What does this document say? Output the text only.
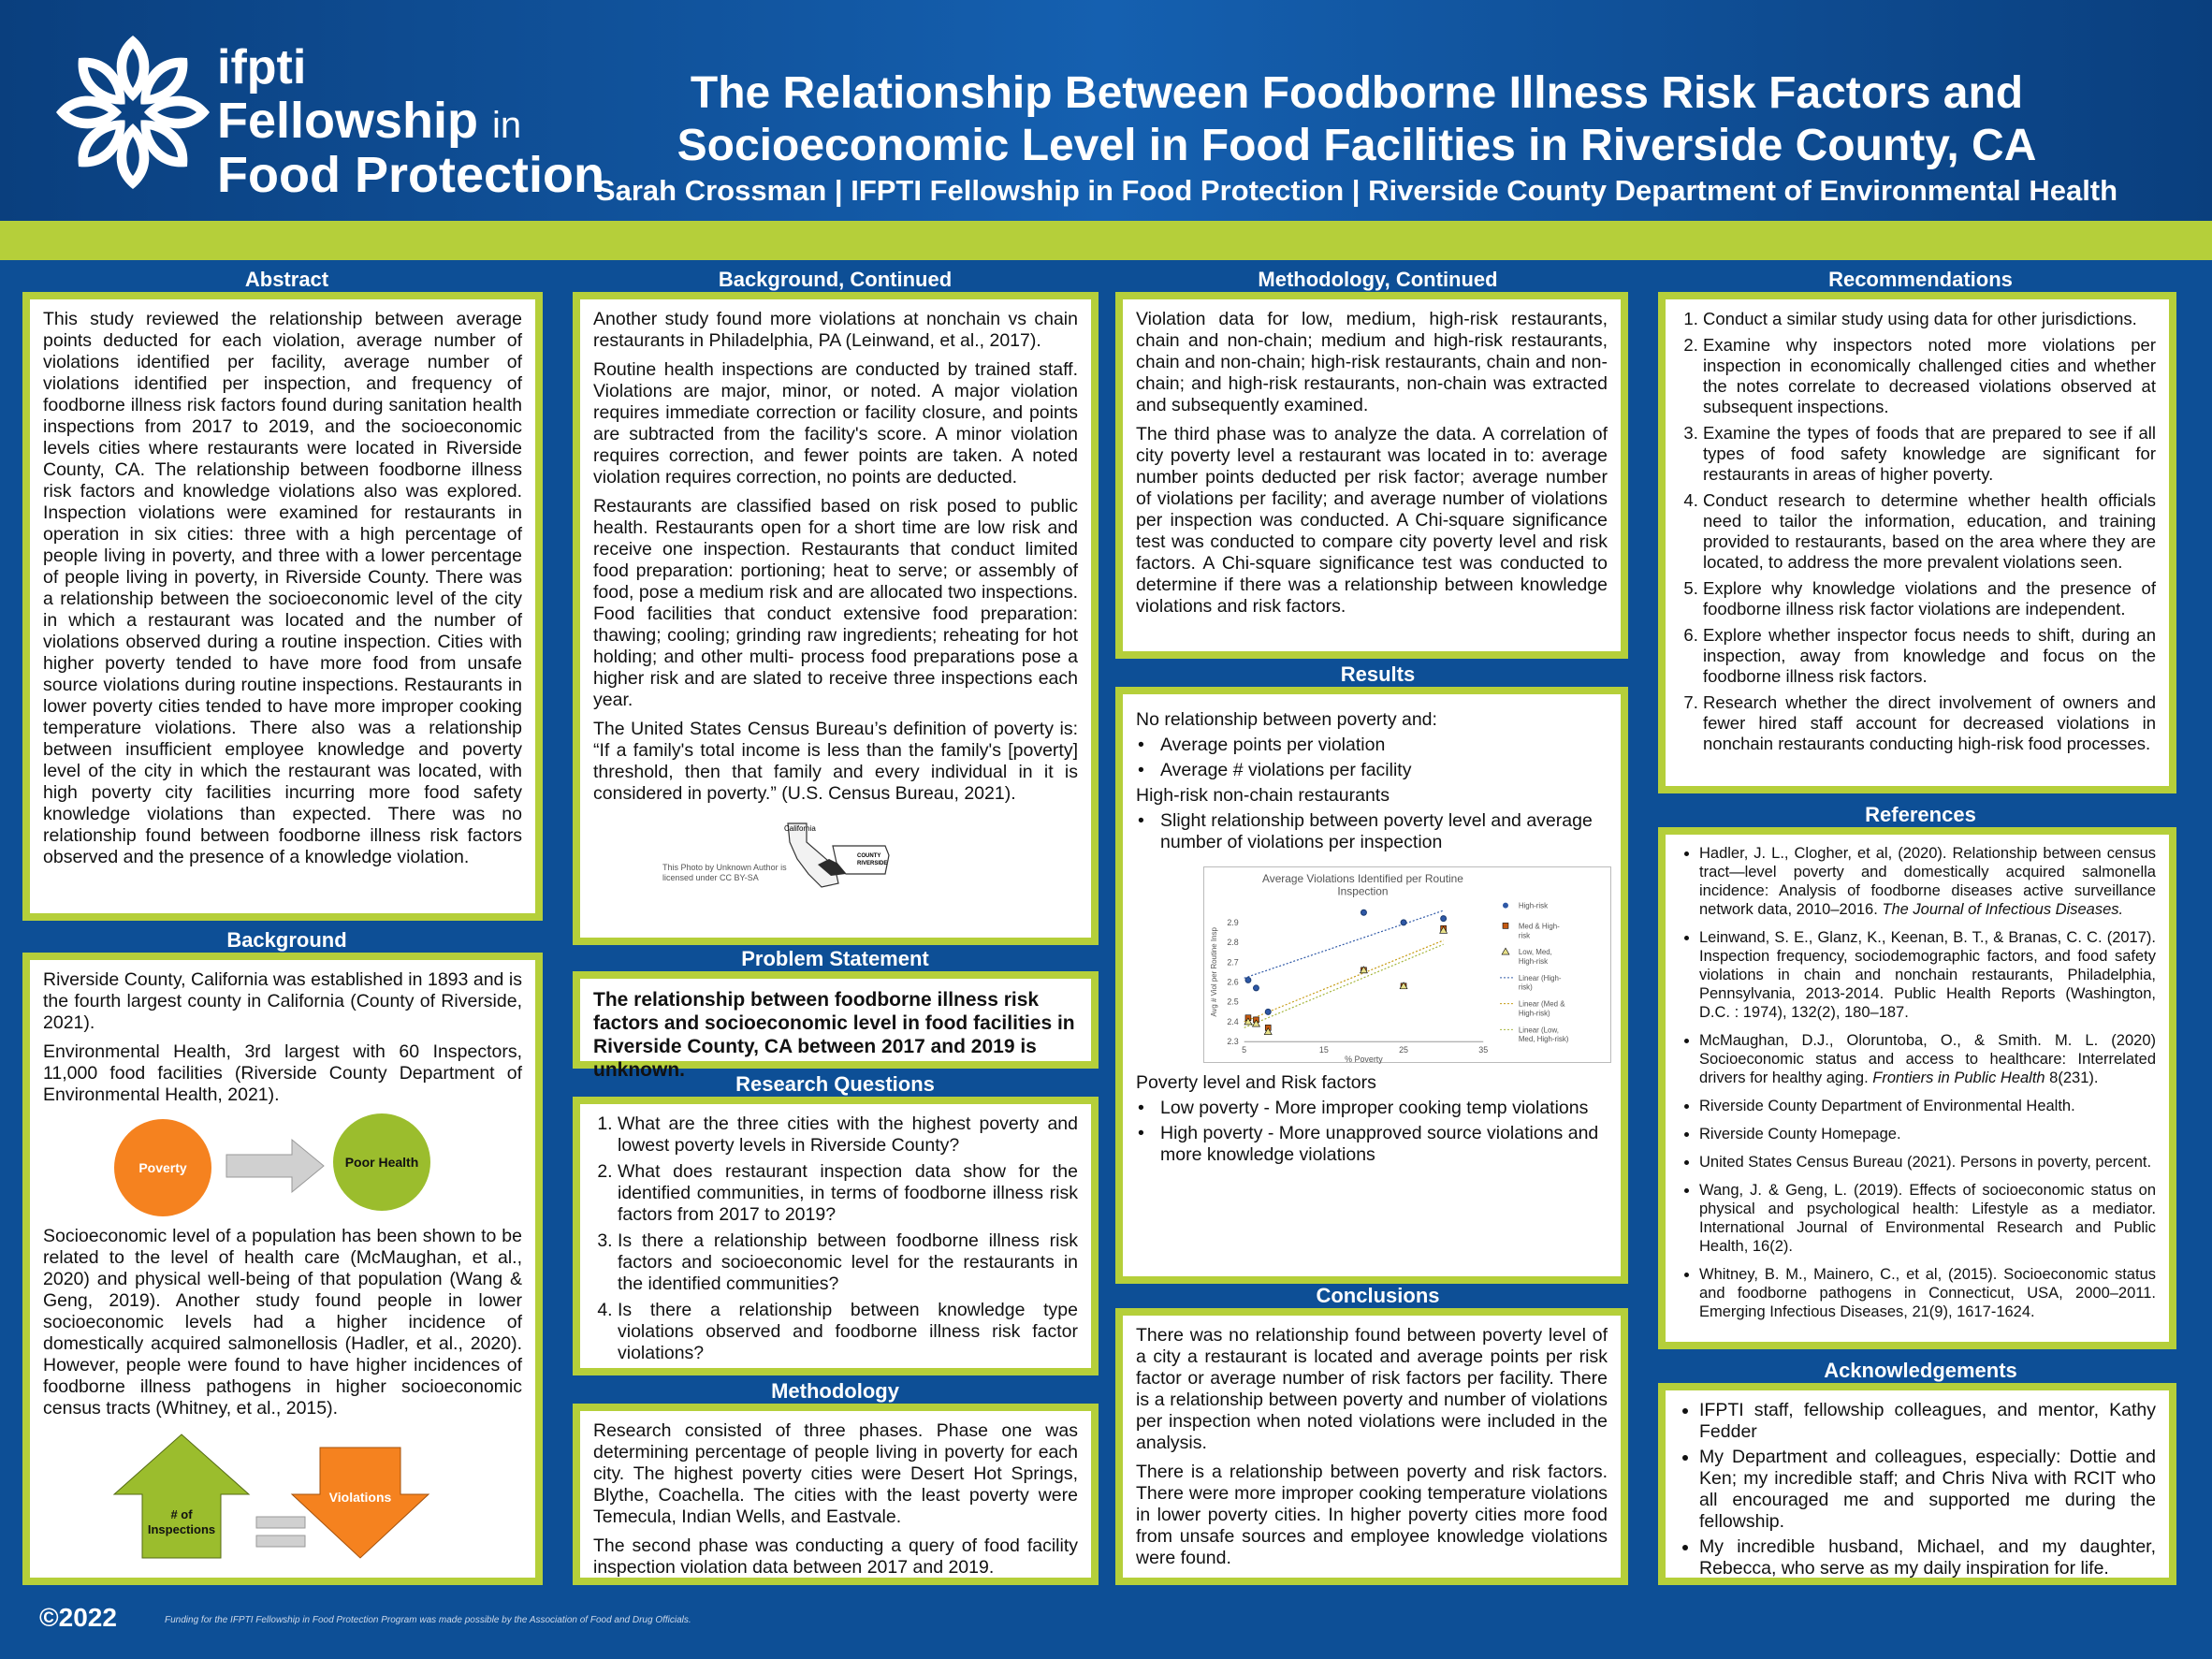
ifpti
Fellowship in
Food Protection
The Relationship Between Foodborne Illness Risk Factors and
Socioeconomic Level in Food Facilities in Riverside County, CA
Sarah Crossman | IFPTI Fellowship in Food Protection | Riverside County Department of Environmental Health
Abstract

This study reviewed the relationship between average points deducted for each violation, average number of violations identified per facility, average number of violations identified per inspection, and frequency of foodborne illness risk factors found during sanitation health inspections from 2017 to 2019, and the socioeconomic levels cities where restaurants were located in Riverside County, CA. The relationship between foodborne illness risk factors and knowledge violations also was explored. Inspection violations were examined for restaurants in operation in six cities: three with a high percentage of people living in poverty, and three with a lower percentage of people living in poverty, in Riverside County. There was a relationship between the socioeconomic level of the city in which a restaurant was located and the number of violations observed during a routine inspection. Cities with higher poverty tended to have more food from unsafe source violations during routine inspections. Restaurants in lower poverty cities tended to have more improper cooking temperature violations. There also was a relationship between insufficient employee knowledge and poverty level of the city in which the restaurant was located, with high poverty city facilities incurring more food safety knowledge violations than expected. There was no relationship found between foodborne illness risk factors observed and the presence of a knowledge violation.

Background

Riverside County, California was established in 1893 and is the fourth largest county in California (County of Riverside, 2021).

Environmental Health, 3rd largest with 60 Inspectors, 11,000 food facilities (Riverside County Department of Environmental Health, 2021).

Poverty	Poor Health

Socioeconomic level of a population has been shown to be related to the level of health care (McMaughan, et al., 2020) and physical well-being of that population (Wang & Geng, 2019). Another study found people in lower socioeconomic levels had a higher incidence of domestically acquired salmonellosis (Hadler, et al., 2020). However, people were found to have higher incidences of foodborne illness pathogens in higher socioeconomic census tracts (Whitney, et al., 2015).

# of
Inspections
Violations
Background, Continued

Another study found more violations at nonchain vs chain restaurants in Philadelphia, PA (Leinwand, et al., 2017).

Routine health inspections are conducted by trained staff. Violations are major, minor, or noted. A major violation requires immediate correction or facility closure, and points are subtracted from the facility's score. A minor violation requires correction, and fewer points are taken. A noted violation requires correction, no points are deducted.

Restaurants are classified based on risk posed to public health. Restaurants open for a short time are low risk and receive one inspection. Restaurants that conduct limited food preparation: portioning; heat to serve; or assembly of food, pose a medium risk and are allocated two inspections. Food facilities that conduct extensive food preparation: thawing; cooling; grinding raw ingredients; reheating for hot holding; and other multi- process food preparations pose a higher risk and are slated to receive three inspections each year.

The United States Census Bureau’s definition of poverty is: “If a family's total income is less than the family's [poverty] threshold, then that family and every individual in it is considered in poverty.” (U.S. Census Bureau, 2021).

This Photo by Unknown Author is
licensed under CC BY-SA
California
COUNTY
RIVERSIDE
Problem Statement

The relationship between foodborne illness risk factors and socioeconomic level in food facilities in Riverside County, CA between 2017 and 2019 is unknown.

Research Questions
1. What are the three cities with the highest poverty and lowest poverty levels in Riverside County?
2. What does restaurant inspection data show for the identified communities, in terms of foodborne illness risk factors from 2017 to 2019?
3. Is there a relationship between foodborne illness risk factors and socioeconomic level for the restaurants in the identified communities?
4. Is there a relationship between knowledge type violations observed and foodborne illness risk factor violations?
Methodology

Research consisted of three phases. Phase one was determining percentage of people living in poverty for each city. The highest poverty cities were Desert Hot Springs, Blythe, Coachella. The cities with the least poverty were Temecula, Indian Wells, and Eastvale.

The second phase was conducting a query of food facility inspection violation data between 2017 and 2019.

Methodology, Continued

Violation data for low, medium, high-risk restaurants, chain and non-chain; medium and high-risk restaurants, chain and non-chain; high-risk restaurants, chain and non-chain; and high-risk restaurants, non-chain was extracted and subsequently examined.

The third phase was to analyze the data. A correlation of city poverty level a restaurant was located in to: average number points deducted per risk factor; average number of violations per facility; and average number of violations per inspection was conducted. A Chi-square significance test was conducted to compare city poverty level and risk factors. A Chi-square significance test was conducted to determine if there was a relationship between knowledge violations and risk factors.

Results

No relationship between poverty and:

• Average points per violation
• Average # violations per facility

High-risk non-chain restaurants

• Slight relationship between poverty level and average number of violations per inspection
Average Violations Identified per Routine
Inspection
5	15	25	35
2.3
2.4
2.5
2.6
2.7
2.8
2.9
% Poverty
Avg # Viol per Routine Insp
High-risk
Med & High-
risk
Low, Med,
High-risk
Linear (High-
risk)
Linear (Med &
High-risk)
Linear (Low,
Med, High-risk)

Poverty level and Risk factors

• Low poverty - More improper cooking temp violations
• High poverty - More unapproved source violations and more knowledge violations
Conclusions

There was no relationship found between poverty level of a city a restaurant is located and average points per risk factor or average number of risk factors per facility. There is a relationship between poverty and number of violations per inspection when noted violations were included in the analysis.

There is a relationship between poverty and risk factors. There were more improper cooking temperature violations in lower poverty cities. In higher poverty cities more food from unsafe sources and employee knowledge violations were found.

Recommendations
1. Conduct a similar study using data for other jurisdictions.
2. Examine why inspectors noted more violations per inspection in economically challenged cities and whether the notes correlate to decreased violations observed at subsequent inspections.
3. Examine the types of foods that are prepared to see if all types of food safety knowledge are significant for restaurants in areas of higher poverty.
4. Conduct research to determine whether health officials need to tailor the information, education, and training provided to restaurants, based on the area where they are located, to address the more prevalent violations seen.
5. Explore why knowledge violations and the presence of foodborne illness risk factor violations are independent.
6. Explore whether inspector focus needs to shift, during an inspection, away from knowledge and focus on the foodborne illness risk factors.
7. Research whether the direct involvement of owners and fewer hired staff account for decreased violations in nonchain restaurants conducting high-risk food processes.
References
• Hadler, J. L., Clogher, et al, (2020). Relationship between census tract—level poverty and domestically acquired salmonella incidence: Analysis of foodborne diseases active surveillance network data, 2010–2016. The Journal of Infectious Diseases.
• Leinwand, S. E., Glanz, K., Keenan, B. T., & Branas, C. C. (2017). Inspection frequency, sociodemographic factors, and food safety violations in chain and nonchain restaurants, Philadelphia, Pennsylvania, 2013-2014. Public Health Reports (Washington, D.C. : 1974), 132(2), 180–187.
• McMaughan, D.J., Oloruntoba, O., & Smith. M. L. (2020) Socioeconomic status and access to healthcare: Interrelated drivers for healthy aging. Frontiers in Public Health 8(231).
• Riverside County Department of Environmental Health.
• Riverside County Homepage.
• United States Census Bureau (2021). Persons in poverty, percent.
• Wang, J. & Geng, L. (2019). Effects of socioeconomic status on physical and psychological health: Lifestyle as a mediator. International Journal of Environmental Research and Public Health, 16(2).
• Whitney, B. M., Mainero, C., et al, (2015). Socioeconomic status and foodborne pathogens in Connecticut, USA, 2000–2011. Emerging Infectious Diseases, 21(9), 1617-1624.
Acknowledgements
• IFPTI staff, fellowship colleagues, and mentor, Kathy Fedder
• My Department and colleagues, especially: Dottie and Ken; my incredible staff; and Chris Niva with RCIT who all encouraged me and supported me during the fellowship.
• My incredible husband, Michael, and my daughter, Rebecca, who serve as my daily inspiration for life.
©2022	Funding for the IFPTI Fellowship in Food Protection Program was made possible by the Association of Food and Drug Officials.
